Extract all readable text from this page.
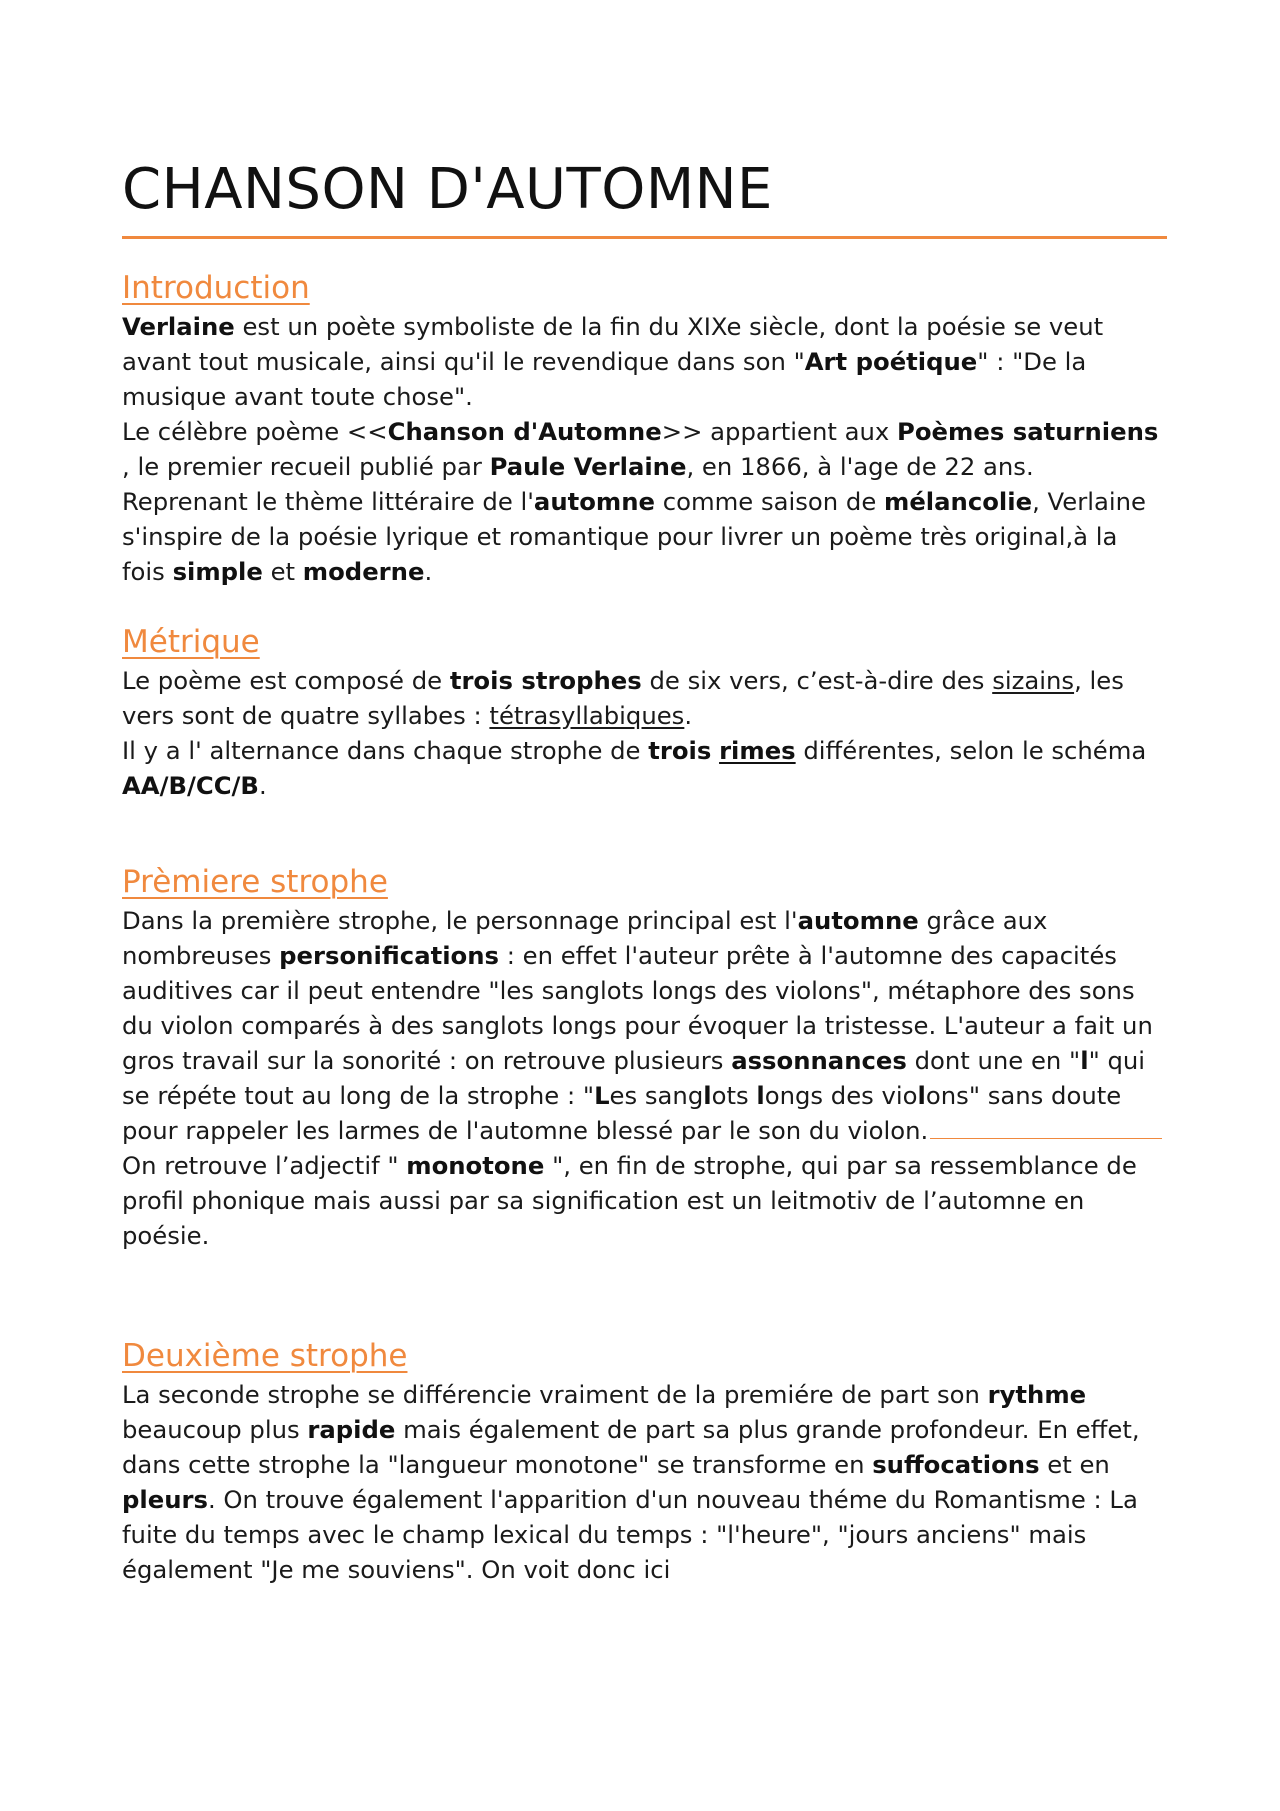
CHANSON D'AUTOMNE
Introduction

Verlaine est un poète symboliste de la fin du XIXe siècle, dont la poésie se veut avant tout musicale, ainsi qu'il le revendique dans son "Art poétique" : "De la musique avant toute chose".

Le célèbre poème <<Chanson d'Automne>> appartient aux Poèmes saturniens , le premier recueil publié par Paule Verlaine, en 1866, à l'age de 22 ans.

Reprenant le thème littéraire de l'automne comme saison de mélancolie, Verlaine s'inspire de la poésie lyrique et romantique pour livrer un poème très original,à la fois simple et moderne.

Métrique

Le poème est composé de trois strophes de six vers, c’est-à-dire des sizains, les vers sont de quatre syllabes : tétrasyllabiques.

Il y a l' alternance dans chaque strophe de trois rimes différentes, selon le schéma AA/B/CC/B.

Prèmiere strophe

Dans la première strophe, le personnage principal est l'automne grâce aux nombreuses personifications : en effet l'auteur prête à l'automne des capacités auditives car il peut entendre "les sanglots longs des violons", métaphore des sons du violon comparés à des sanglots longs pour évoquer la tristesse. L'auteur a fait un gros travail sur la sonorité : on retrouve plusieurs assonnances dont une en "l" qui se répéte tout au long de la strophe : "Les sanglots longs des violons" sans doute pour rappeler les larmes de l'automne blessé par le son du violon.

On retrouve l’adjectif " monotone ", en fin de strophe, qui par sa ressemblance de profil phonique mais aussi par sa signification est un leitmotiv de l’automne en poésie.

Deuxième strophe

La seconde strophe se différencie vraiment de la premiére de part son rythme beaucoup plus rapide mais également de part sa plus grande profondeur. En effet, dans cette strophe la "langueur monotone" se transforme en suffocations et en pleurs. On trouve également l'apparition d'un nouveau théme du Romantisme : La fuite du temps avec le champ lexical du temps : "l'heure", "jours anciens" mais également "Je me souviens". On voit donc ici
